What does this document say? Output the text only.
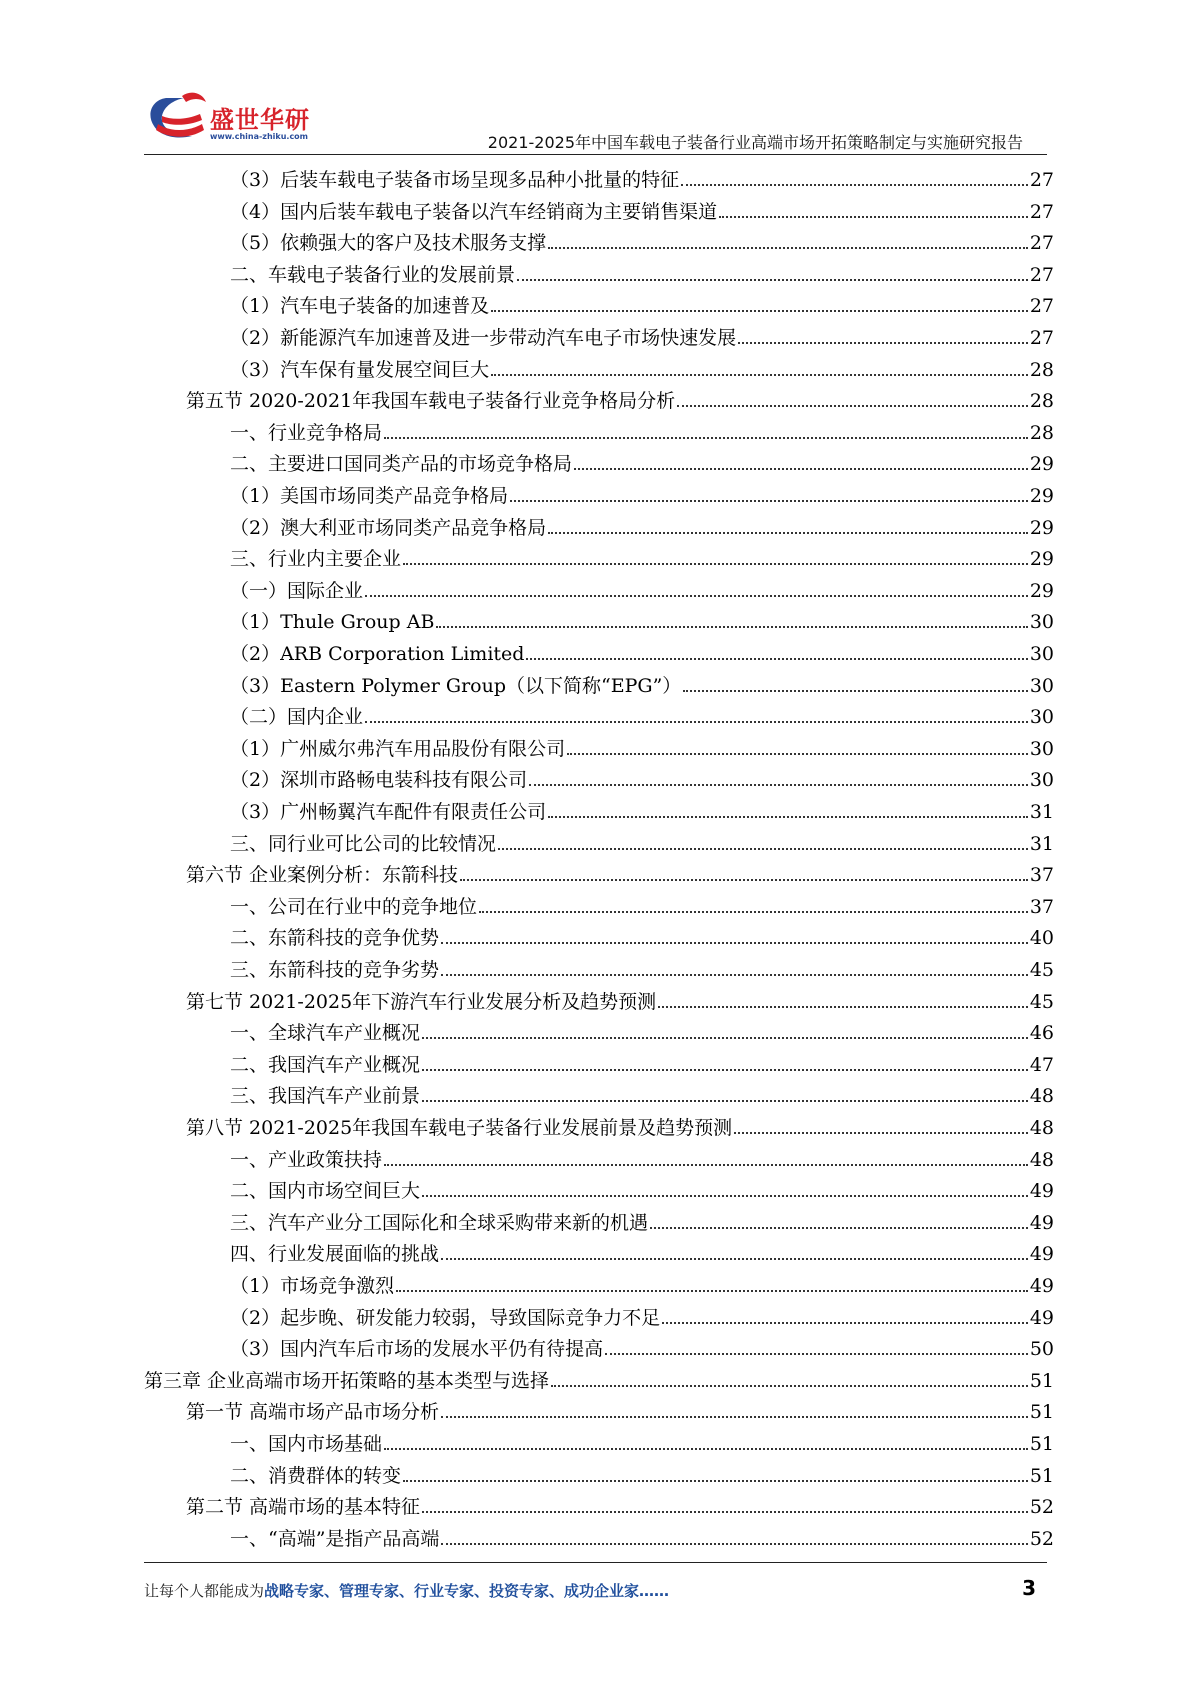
盛世华研
www.china-zhiku.com	2021-2025年中国车载电子装备行业高端市场开拓策略制定与实施研究报告
（3）后装车载电子装备市场呈现多品种小批量的特征	27
（4）国内后装车载电子装备以汽车经销商为主要销售渠道	27
（5）依赖强大的客户及技术服务支撑	27
二、车载电子装备行业的发展前景	27
（1）汽车电子装备的加速普及	27
（2）新能源汽车加速普及进一步带动汽车电子市场快速发展	27
（3）汽车保有量发展空间巨大	28
第五节 2020-2021年我国车载电子装备行业竞争格局分析	28
一、行业竞争格局	28
二、主要进口国同类产品的市场竞争格局	29
（1）美国市场同类产品竞争格局	29
（2）澳大利亚市场同类产品竞争格局	29
三、行业内主要企业	29
（一）国际企业	29
（1）Thule Group AB	30
（2）ARB Corporation Limited	30
（3）Eastern Polymer Group（以下简称“EPG”）	30
（二）国内企业	30
（1）广州威尔弗汽车用品股份有限公司	30
（2）深圳市路畅电装科技有限公司	30
（3）广州畅翼汽车配件有限责任公司	31
三、同行业可比公司的比较情况	31
第六节 企业案例分析：东箭科技	37
一、公司在行业中的竞争地位	37
二、东箭科技的竞争优势	40
三、东箭科技的竞争劣势	45
第七节 2021-2025年下游汽车行业发展分析及趋势预测	45
一、全球汽车产业概况	46
二、我国汽车产业概况	47
三、我国汽车产业前景	48
第八节 2021-2025年我国车载电子装备行业发展前景及趋势预测	48
一、产业政策扶持	48
二、国内市场空间巨大	49
三、汽车产业分工国际化和全球采购带来新的机遇	49
四、行业发展面临的挑战	49
（1）市场竞争激烈	49
（2）起步晚、研发能力较弱，导致国际竞争力不足	49
（3）国内汽车后市场的发展水平仍有待提高	50
第三章 企业高端市场开拓策略的基本类型与选择	51
第一节 高端市场产品市场分析	51
一、国内市场基础	51
二、消费群体的转变	51
第二节 高端市场的基本特征	52
一、“高端”是指产品高端	52
让每个人都能成为战略专家、管理专家、行业专家、投资专家、成功企业家……	3
